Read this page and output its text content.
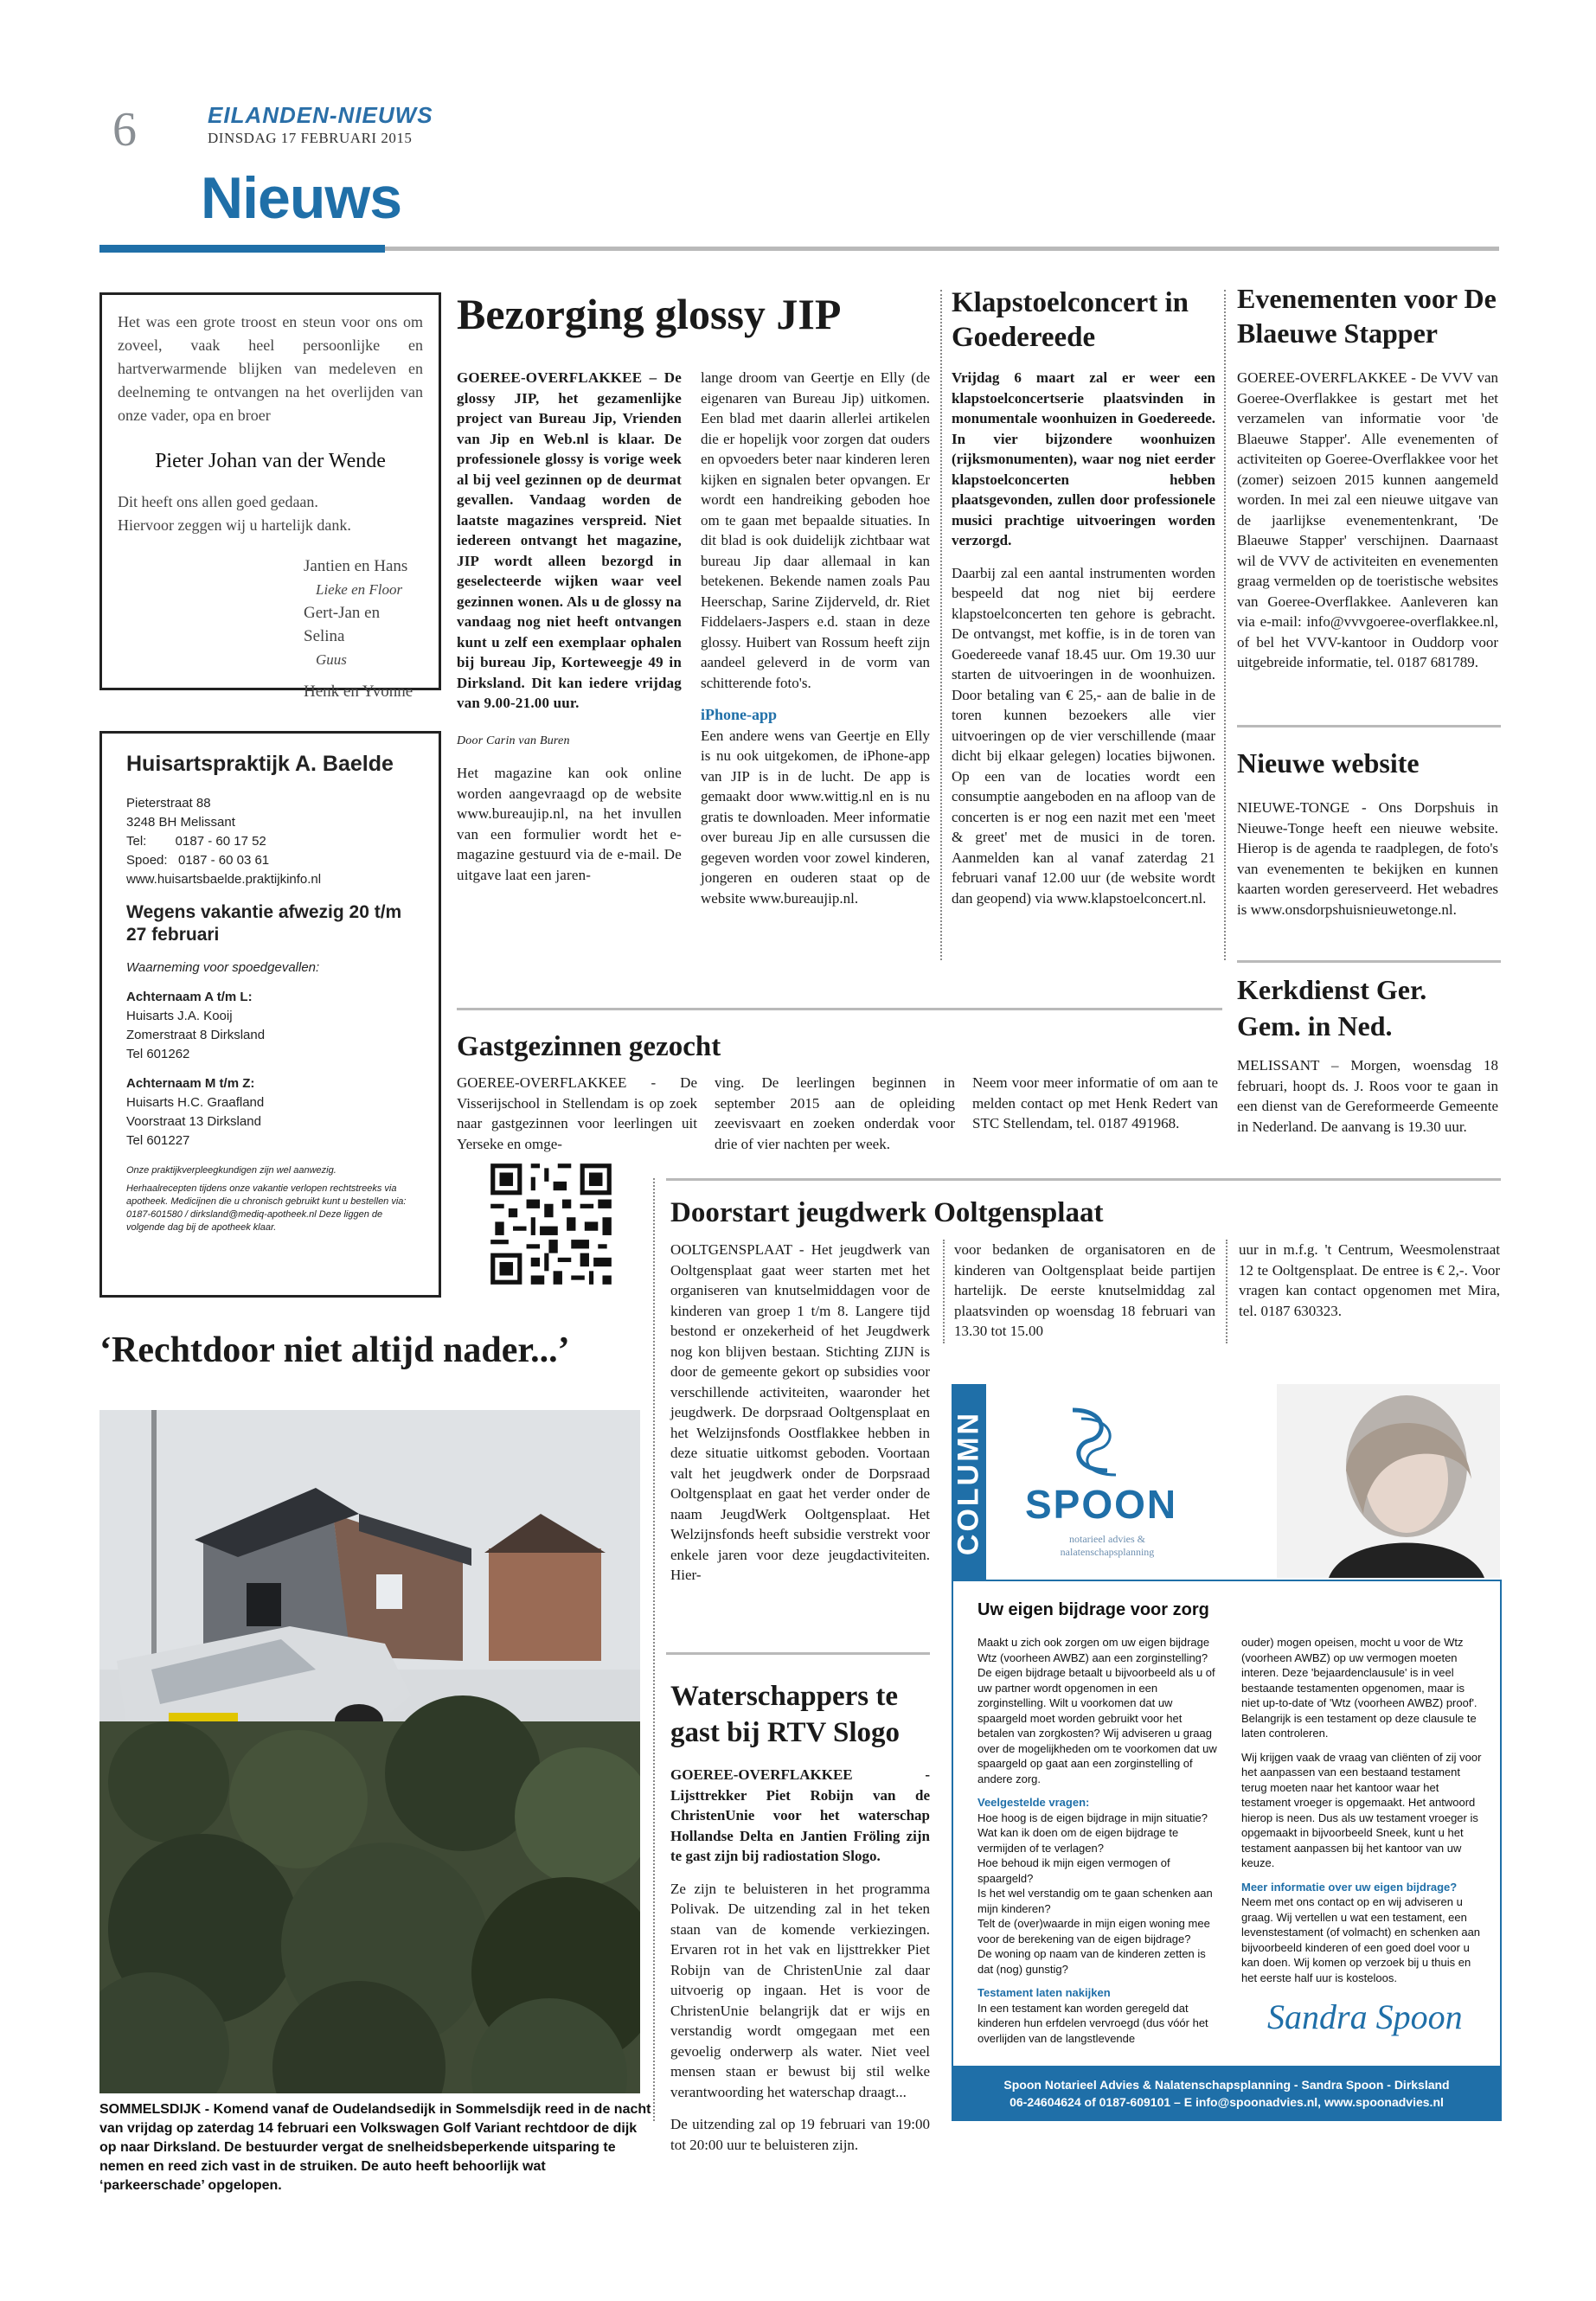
6	EILANDEN-NIEUWS
DINSDAG 17 FEBRUARI 2015
Nieuws

Het was een grote troost en steun voor ons om zoveel, vaak heel persoonlijke en hartverwarmende blijken van medeleven en deelneming te ontvangen na het overlijden van onze vader, opa en broer

Pieter Johan van der Wende

Dit heeft ons allen goed gedaan.

Hiervoor zeggen wij u hartelijk dank.

Jantien en Hans
Lieke en Floor
Gert-Jan en Selina
Guus
Henk en Yvonne
Huisartspraktijk A. Baelde
Pieterstraat 88
3248 BH Melissant
Tel:        0187 - 60 17 52
Spoed:   0187 - 60 03 61
www.huisartsbaelde.praktijkinfo.nl
Wegens vakantie afwezig 20 t/m 27 februari
Waarneming voor spoedgevallen:
Achternaam A t/m L:
Huisarts J.A. Kooij
Zomerstraat 8 Dirksland
Tel 601262
Achternaam M t/m Z:
Huisarts H.C. Graafland
Voorstraat 13 Dirksland
Tel 601227
Onze praktijkverpleegkundigen zijn wel aanwezig.
Herhaalrecepten tijdens onze vakantie verlopen rechtstreeks via apotheek. Medicijnen die u chronisch gebruikt kunt u bestellen via: 0187-601580 / dirksland@mediq-apotheek.nl Deze liggen de volgende dag bij de apotheek klaar.
Bezorging glossy JIP

GOEREE-OVERFLAKKEE – De glossy JIP, het gezamenlijke project van Bureau Jip, Vrienden van Jip en Web.nl is klaar. De professionele glossy is vorige week al bij veel gezinnen op de deurmat gevallen. Vandaag worden de laatste magazines verspreid. Niet iedereen ontvangt het magazine, JIP wordt alleen bezorgd in geselecteerde wijken waar veel gezinnen wonen. Als u de glossy na vandaag nog niet heeft ontvangen kunt u zelf een exemplaar ophalen bij bureau Jip, Korteweegje 49 in Dirksland. Dit kan iedere vrijdag van 9.00-21.00 uur.

Door Carin van Buren

Het magazine kan ook online worden aangevraagd op de website www.bureaujip.nl, na het invullen van een formulier wordt het e-magazine gestuurd via de e-mail. De uitgave laat een jaren-

lange droom van Geertje en Elly (de eigenaren van Bureau Jip) uitkomen. Een blad met daarin allerlei artikelen die er hopelijk voor zorgen dat ouders en opvoeders beter naar kinderen leren kijken en signalen beter opvangen. Er wordt een handreiking geboden hoe om te gaan met bepaalde situaties. In dit blad is ook duidelijk zichtbaar wat bureau Jip daar allemaal in kan betekenen. Bekende namen zoals Pau Heerschap, Sarine Zijderveld, dr. Riet Fiddelaers-Jaspers e.d. staan in deze glossy. Huibert van Rossum heeft zijn aandeel geleverd in de vorm van schitterende foto's.

iPhone-app

Een andere wens van Geertje en Elly is nu ook uitgekomen, de iPhone-app van JIP is in de lucht. De app is gemaakt door www.wittig.nl en is nu gratis te downloaden. Meer informatie over bureau Jip en alle cursussen die gegeven worden voor zowel kinderen, jongeren en ouderen staat op de website www.bureaujip.nl.

Klapstoelconcert in Goedereede

Vrijdag 6 maart zal er weer een klapstoelconcertserie plaatsvinden in monumentale woonhuizen in Goedereede. In vier bijzondere woonhuizen (rijksmonumenten), waar nog niet eerder klapstoelconcerten hebben plaatsgevonden, zullen door professionele musici prachtige uitvoeringen worden verzorgd.

Daarbij zal een aantal instrumenten worden bespeeld dat nog niet bij eerdere klapstoelconcerten ten gehore is gebracht. De ontvangst, met koffie, is in de toren van Goedereede vanaf 18.45 uur. Om 19.30 uur starten de uitvoeringen in de woonhuizen. Door betaling van € 25,- aan de balie in de toren kunnen bezoekers alle vier uitvoeringen op de vier verschillende (maar dicht bij elkaar gelegen) locaties bijwonen. Op een van de locaties wordt een consumptie aangeboden en na afloop van de concerten is er nog een nazit met een 'meet & greet' met de musici in de toren. Aanmelden kan al vanaf zaterdag 21 februari vanaf 12.00 uur (de website wordt dan geopend) via www.klapstoelconcert.nl.

Evenementen voor De Blaeuwe Stapper
GOEREE-OVERFLAKKEE - De VVV van Goeree-Overflakkee is gestart met het verzamelen van informatie voor 'de Blaeuwe Stapper'. Alle evenementen of activiteiten op Goeree-Overflakkee voor het (zomer) seizoen 2015 kunnen aangemeld worden. In mei zal een nieuwe uitgave van de jaarlijkse evenementenkrant, 'De Blaeuwe Stapper' verschijnen. Daarnaast wil de VVV de activiteiten en evenementen graag vermelden op de toeristische websites van Goeree-Overflakkee. Aanleveren kan via e-mail: info@vvvgoeree-overflakkee.nl, of bel het VVV-kantoor in Ouddorp voor uitgebreide informatie, tel. 0187 681789.
Nieuwe website
NIEUWE-TONGE - Ons Dorpshuis in Nieuwe-Tonge heeft een nieuwe website. Hierop is de agenda te raadplegen, de foto's van evenementen te bekijken en kunnen kaarten worden gereserveerd. Het webadres is www.onsdorpshuisnieuwetonge.nl.
Kerkdienst Ger. Gem. in Ned.
MELISSANT – Morgen, woensdag 18 februari, hoopt ds. J. Roos voor te gaan in een dienst van de Gereformeerde Gemeente in Nederland. De aanvang is 19.30 uur.
Gastgezinnen gezocht
GOEREE-OVERFLAKKEE - De Visserijschool in Stellendam is op zoek naar gastgezinnen voor leerlingen uit Yerseke en omge-
ving. De leerlingen beginnen in september 2015 aan de opleiding zeevisvaart en zoeken onderdak voor drie of vier nachten per week.
Neem voor meer informatie of om aan te melden contact op met Henk Redert van STC Stellendam, tel. 0187 491968.
Doorstart jeugdwerk Ooltgensplaat
OOLTGENSPLAAT - Het jeugdwerk van Ooltgensplaat gaat weer starten met het organiseren van knutselmiddagen voor de kinderen van groep 1 t/m 8. Langere tijd bestond er onzekerheid of het Jeugdwerk nog kon blijven bestaan. Stichting ZIJN is door de gemeente gekort op subsidies voor verschillende activiteiten, waaronder het jeugdwerk. De dorpsraad Ooltgensplaat en het Welzijnsfonds Oostflakkee hebben in deze situatie uitkomst geboden. Voortaan valt het jeugdwerk onder de Dorpsraad Ooltgensplaat en gaat het verder onder de naam JeugdWerk Ooltgensplaat. Het Welzijnsfonds heeft subsidie verstrekt voor enkele jaren voor deze jeugdactiviteiten. Hier-
voor bedanken de organisatoren en de kinderen van Ooltgensplaat beide partijen hartelijk. De eerste knutselmiddag zal plaatsvinden op woensdag 18 februari van 13.30 tot 15.00
uur in m.f.g. 't Centrum, Weesmolenstraat 12 te Ooltgensplaat. De entree is € 2,-. Voor vragen kan contact opgenomen met Mira, tel. 0187 630323.
‘Rechtdoor niet altijd nader...’
SOMMELSDIJK - Komend vanaf de Oudelandsedijk in Sommelsdijk reed in de nacht van vrijdag op zaterdag 14 februari een Volkswagen Golf Variant rechtdoor de dijk op naar Dirksland. De bestuurder vergat de snelheidsbeperkende uitsparing te nemen en reed zich vast in de struiken. De auto heeft behoorlijk wat ‘parkeerschade’ opgelopen.
Waterschappers te gast bij RTV Slogo

GOEREE-OVERFLAKKEE - Lijsttrekker Piet Robijn van de ChristenUnie voor het waterschap Hollandse Delta en Jantien Fröling zijn te gast zijn bij radiostation Slogo.

Ze zijn te beluisteren in het programma Polivak. De uitzending zal in het teken staan van de komende verkiezingen. Ervaren rot in het vak en lijsttrekker Piet Robijn van de ChristenUnie zal daar uitvoerig op ingaan. Het is voor de ChristenUnie belangrijk dat er wijs en verstandig wordt omgegaan met een gevoelig onderwerp als water. Niet veel mensen staan er bewust bij stil welke verantwoording het waterschap draagt...

De uitzending zal op 19 februari van 19:00 tot 20:00 uur te beluisteren zijn.

SPOON
notarieel advies & nalatenschapsplanning
COLUMN
Uw eigen bijdrage voor zorg

Maakt u zich ook zorgen om uw eigen bijdrage Wtz (voorheen AWBZ) aan een zorginstelling? De eigen bijdrage betaalt u bijvoorbeeld als u of uw partner wordt opgenomen in een zorginstelling. Wilt u voorkomen dat uw spaargeld moet worden gebruikt voor het betalen van zorgkosten? Wij adviseren u graag over de mogelijkheden om te voorkomen dat uw spaargeld op gaat aan een zorginstelling of andere zorg.

Veelgestelde vragen:
Hoe hoog is de eigen bijdrage in mijn situatie?
Wat kan ik doen om de eigen bijdrage te vermijden of te verlagen?
Hoe behoud ik mijn eigen vermogen of spaargeld?
Is het wel verstandig om te gaan schenken aan mijn kinderen?
Telt de (over)waarde in mijn eigen woning mee voor de berekening van de eigen bijdrage?
De woning op naam van de kinderen zetten is dat (nog) gunstig?
Testament laten nakijken
In een testament kan worden geregeld dat kinderen hun erfdelen vervroegd (dus vóór het overlijden van de langstlevende

ouder) mogen opeisen, mocht u voor de Wtz (voorheen AWBZ) op uw vermogen moeten interen. Deze 'bejaardenclausule' is in veel bestaande testamenten opgenomen, maar is niet up-to-date of 'Wtz (voorheen AWBZ) proof'. Belangrijk is een testament op deze clausule te laten controleren.

Wij krijgen vaak de vraag van cliënten of zij voor het aanpassen van een bestaand testament terug moeten naar het kantoor waar het testament vroeger is opgemaakt. Het antwoord hierop is neen. Dus als uw testament vroeger is opgemaakt in bijvoorbeeld Sneek, kunt u het testament aanpassen bij het kantoor van uw keuze.

Meer informatie over uw eigen bijdrage?
Neem met ons contact op en wij adviseren u graag. Wij vertellen u wat een testament, een levenstestament (of volmacht) en schenken aan bijvoorbeeld kinderen of een goed doel voor u kan doen. Wij komen op verzoek bij u thuis en het eerste half uur is kosteloos.
Sandra Spoon
Spoon Notarieel Advies & Nalatenschapsplanning - Sandra Spoon - Dirksland
06-24604624 of 0187-609101 – E info@spoonadvies.nl, www.spoonadvies.nl
